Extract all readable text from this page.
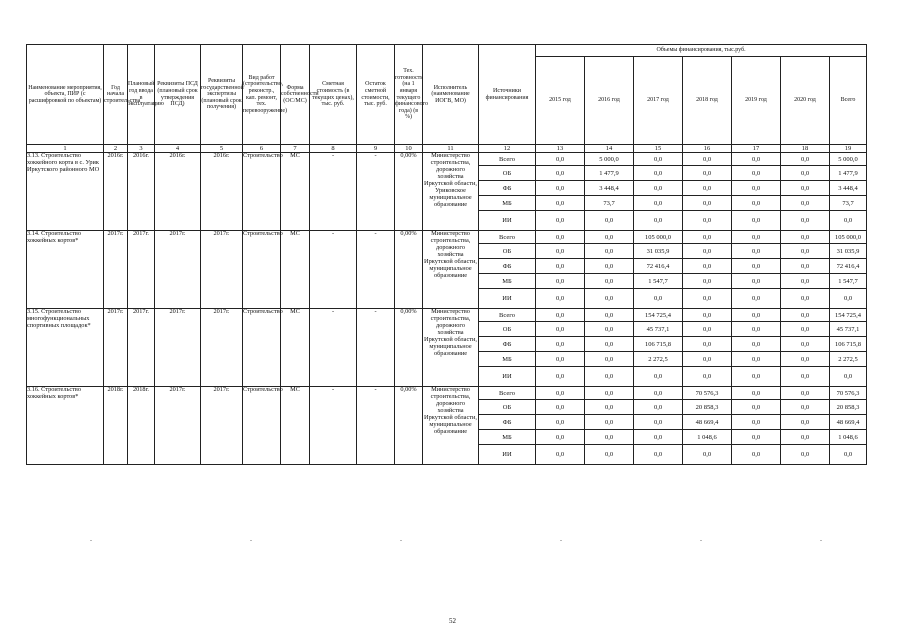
Наименование мероприятия, объекта, ПИР (с расшифровкой по объектам)	Год начала строительства	Плановый год ввода в эксплуатацию	Реквизиты ПСД (плановый срок утверждения ПСД)	Реквизиты государственной экспертизы (плановый срок получения)	Вид работ (строительство, реконстр., кап. ремонт, тех. перевооружение)	Форма собственности (ОС/МС)	Сметная стоимость (в текущих ценах), тыс. руб.	Остаток сметной стоимости, тыс. руб.	Тех. готовность (на 1 января текущего финансового года) (в %)	Исполнитель (наименование ИОГВ, МО)	Источники финансирования	Объемы финансирования, тыс.руб.						
												2015 год	2016 год	2017 год	2018 год	2019 год	2020 год	Всего
1	2	3	4	5	6	7	8	9	10	11	12	13	14	15	16	17	18	19
3.13. Строительство хоккейного корта в с. Урик Иркутского районного МО	2016г.	2016г.	2016г.	2016г.	Строительство	МС	-	-	0,00%	Министерство строительства, дорожного хозяйства Иркутской области, Уриковское муниципальное образование	Всего	0,0	5 000,0	0,0	0,0	0,0	0,0	5 000,0
											ОБ	0,0	1 477,9	0,0	0,0	0,0	0,0	1 477,9
											ФБ	0,0	3 448,4	0,0	0,0	0,0	0,0	3 448,4
											МБ	0,0	73,7	0,0	0,0	0,0	0,0	73,7
											ИИ	0,0	0,0	0,0	0,0	0,0	0,0	0,0
3.14. Строительство хоккейных кортов*	2017г.	2017г.	2017г.	2017г.	Строительство	МС	-	-	0,00%	Министерство строительства, дорожного хозяйства Иркутской области, муниципальное образование	Всего	0,0	0,0	105 000,0	0,0	0,0	0,0	105 000,0
											ОБ	0,0	0,0	31 035,9	0,0	0,0	0,0	31 035,9
											ФБ	0,0	0,0	72 416,4	0,0	0,0	0,0	72 416,4
											МБ	0,0	0,0	1 547,7	0,0	0,0	0,0	1 547,7
											ИИ	0,0	0,0	0,0	0,0	0,0	0,0	0,0
3.15. Строительство многофункциональных спортивных площадок*	2017г.	2017г.	2017г.	2017г.	Строительство	МС	-	-	0,00%	Министерство строительства, дорожного хозяйства Иркутской области, муниципальное образование	Всего	0,0	0,0	154 725,4	0,0	0,0	0,0	154 725,4
											ОБ	0,0	0,0	45 737,1	0,0	0,0	0,0	45 737,1
											ФБ	0,0	0,0	106 715,8	0,0	0,0	0,0	106 715,8
											МБ	0,0	0,0	2 272,5	0,0	0,0	0,0	2 272,5
											ИИ	0,0	0,0	0,0	0,0	0,0	0,0	0,0
3.16. Строительство хоккейных кортов*	2018г.	2018г.	2017г.	2017г.	Строительство	МС	-	-	0,00%	Министерство строительства, дорожного хозяйства Иркутской области, муниципальное образование	Всего	0,0	0,0	0,0	70 576,3	0,0	0,0	70 576,3
											ОБ	0,0	0,0	0,0	20 858,3	0,0	0,0	20 858,3
											ФБ	0,0	0,0	0,0	48 669,4	0,0	0,0	48 669,4
											МБ	0,0	0,0	0,0	1 048,6	0,0	0,0	1 048,6
											ИИ	0,0	0,0	0,0	0,0	0,0	0,0	0,0
52
